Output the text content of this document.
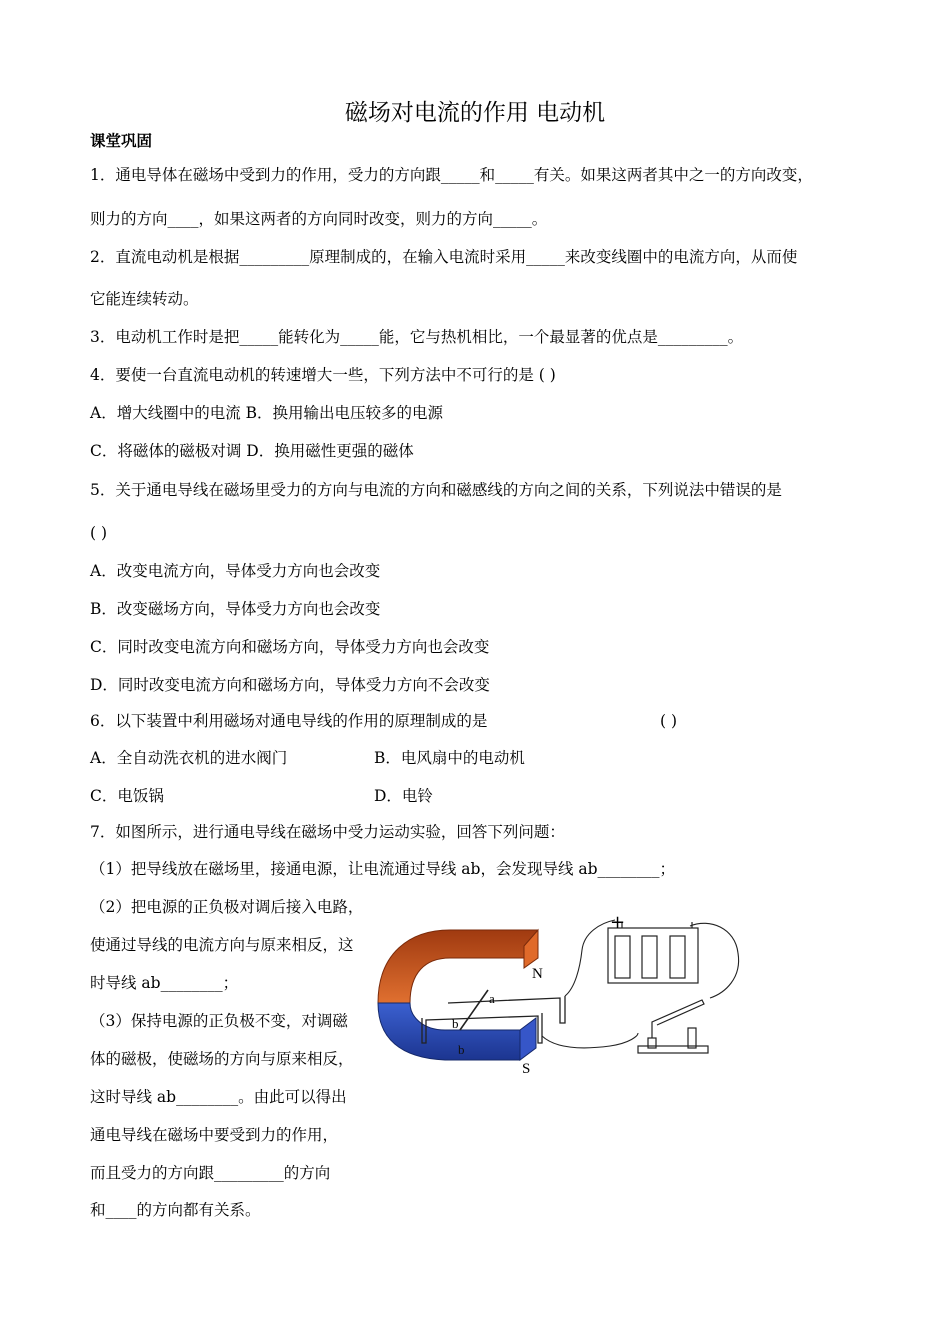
磁场对电流的作用 电动机
课堂巩固
1．通电导体在磁场中受到力的作用，受力的方向跟_____和_____有关。如果这两者其中之一的方向改变，
则力的方向____，如果这两者的方向同时改变，则力的方向_____。
2．直流电动机是根据_________原理制成的，在输入电流时采用_____来改变线圈中的电流方向，从而使
它能连续转动。
3．电动机工作时是把_____能转化为_____能，它与热机相比，一个最显著的优点是_________。
4．要使一台直流电动机的转速增大一些，下列方法中不可行的是 ( )
A．增大线圈中的电流 B．换用输出电压较多的电源
C．将磁体的磁极对调 D．换用磁性更强的磁体
5．关于通电导线在磁场里受力的方向与电流的方向和磁感线的方向之间的关系，下列说法中错误的是
( )
A．改变电流方向，导体受力方向也会改变
B．改变磁场方向，导体受力方向也会改变
C．同时改变电流方向和磁场方向，导体受力方向也会改变
D．同时改变电流方向和磁场方向，导体受力方向不会改变
6．以下装置中利用磁场对通电导线的作用的原理制成的是	( )
A．全自动洗衣机的进水阀门	B．电风扇中的电动机
C．电饭锅	D．电铃
7．如图所示，进行通电导线在磁场中受力运动实验，回答下列问题：
（1）把导线放在磁场里，接通电源，让电流通过导线 ab，会发现导线 ab________；
（2）把电源的正负极对调后接入电路，
使通过导线的电流方向与原来相反，这
时导线 ab________；
（3）保持电源的正负极不变，对调磁
体的磁极，使磁场的方向与原来相反，
这时导线 ab________。由此可以得出
通电导线在磁场中要受到力的作用，
而且受力的方向跟_________的方向
和____的方向都有关系。
+
N
S
a
b
b
